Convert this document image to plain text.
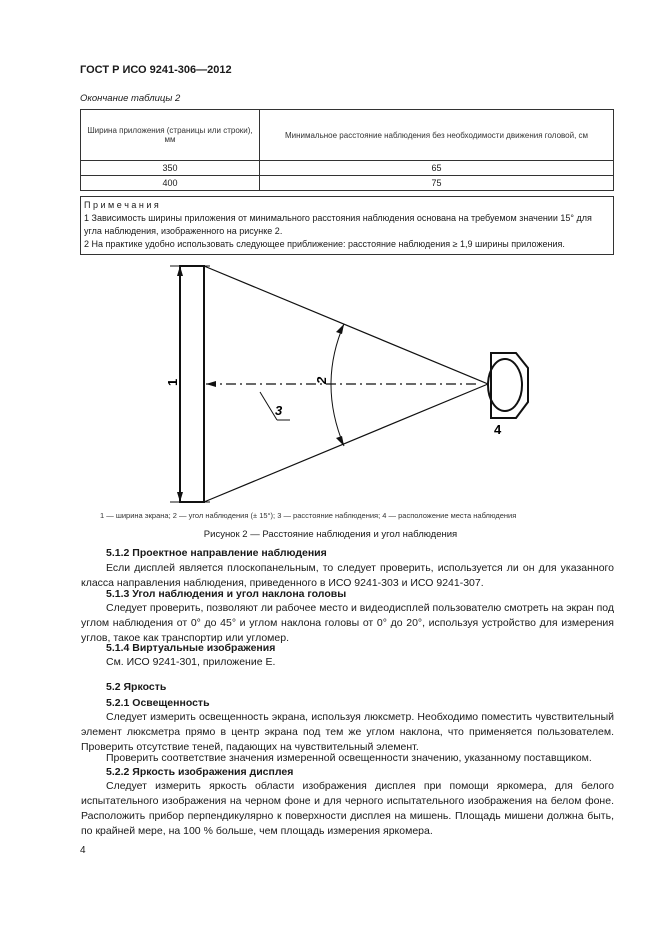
ГОСТ Р ИСО 9241-306—2012
Окончание таблицы 2
Ширина приложения (страницы или строки), мм	Минимальное расстояние наблюдения без необходимости движения головой, см
350	65
400	75
П р и м е ч а н и я
1 Зависимость ширины приложения от минимального расстояния наблюдения основана на требуемом значении 15° для угла наблюдения, изображенного на рисунке 2.
2 На практике удобно использовать следующее приближение: расстояние наблюдения ≥ 1,9 ширины приложения.
1	2
3
4
1 — ширина экрана; 2 — угол наблюдения (± 15°); 3 — расстояние наблюдения; 4 — расположение места наблюдения
Рисунок 2 — Расстояние наблюдения и угол наблюдения
5.1.2 Проектное направление наблюдения
Если дисплей является плоскопанельным, то следует проверить, используется ли он для указанного класса направления наблюдения, приведенного в ИСО 9241-303 и ИСО 9241-307.
5.1.3 Угол наблюдения и угол наклона головы
Следует проверить, позволяют ли рабочее место и видеодисплей пользователю смотреть на экран под углом наблюдения от 0° до 45° и углом наклона головы от 0° до 20°, используя устройство для измерения углов, такое как транспортир или угломер.
5.1.4 Виртуальные изображения
См. ИСО 9241-301, приложение Е.
5.2 Яркость
5.2.1 Освещенность
Следует измерить освещенность экрана, используя люксметр. Необходимо поместить чувствительный элемент люксметра прямо в центр экрана под тем же углом наклона, что применяется пользователем. Проверить отсутствие теней, падающих на чувствительный элемент.
Проверить соответствие значения измеренной освещенности значению, указанному поставщиком.
5.2.2 Яркость изображения дисплея
Следует измерить яркость области изображения дисплея при помощи яркомера, для белого испытательного изображения на черном фоне и для черного испытательного изображения на белом фоне. Расположить прибор перпендикулярно к поверхности дисплея на мишень. Площадь мишени должна быть, по крайней мере, на 100 % больше, чем площадь измерения яркомера.
4
